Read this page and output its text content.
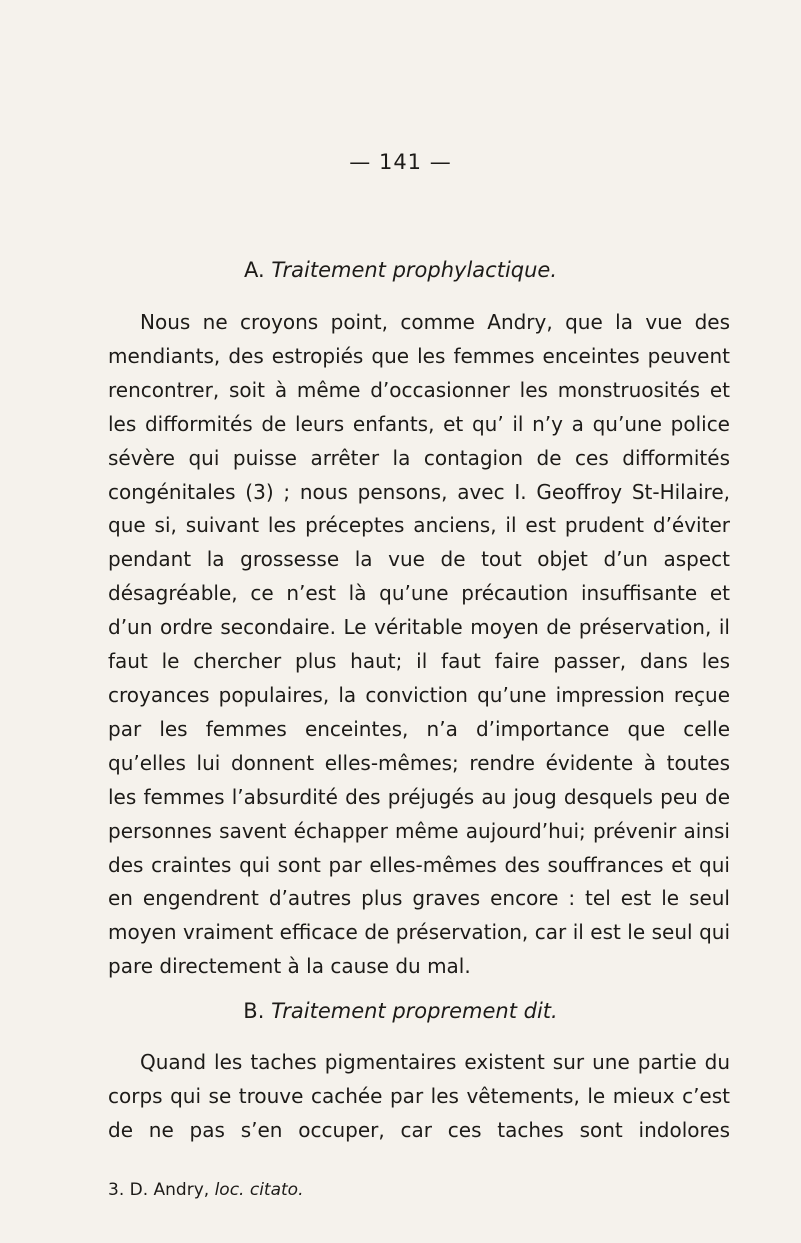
— 141 —
A. Traitement prophylactique.

Nous ne croyons point, comme Andry, que la vue des mendiants, des estropiés que les femmes enceintes peuvent rencontrer, soit à même d’occasionner les monstruosités et les difformités de leurs enfants, et qu’ il n’y a qu’une police sévère qui puisse arrêter la contagion de ces difformités congénitales (3) ; nous pensons, avec I. Geoffroy St-Hilaire, que si, suivant les préceptes anciens, il est prudent d’éviter pendant la grossesse la vue de tout objet d’un aspect désagréable, ce n’est là qu’une précaution insuffisante et d’un ordre secondaire. Le véritable moyen de préservation, il faut le chercher plus haut; il faut faire passer, dans les croyances populaires, la conviction qu’une impression reçue par les femmes enceintes, n’a d’importance que celle qu’elles lui donnent elles-mêmes; rendre évidente à toutes les femmes l’absurdité des préjugés au joug desquels peu de personnes savent échapper même aujourd’hui; prévenir ainsi des craintes qui sont par elles-mêmes des souffrances et qui en engendrent d’autres plus graves encore : tel est le seul moyen vraiment efficace de préservation, car il est le seul qui pare directement à la cause du mal.

B. Traitement proprement dit.

Quand les taches pigmentaires existent sur une partie du corps qui se trouve cachée par les vêtements, le mieux c’est de ne pas s’en occuper, car ces taches sont indolores

3. D. Andry, loc. citato.
